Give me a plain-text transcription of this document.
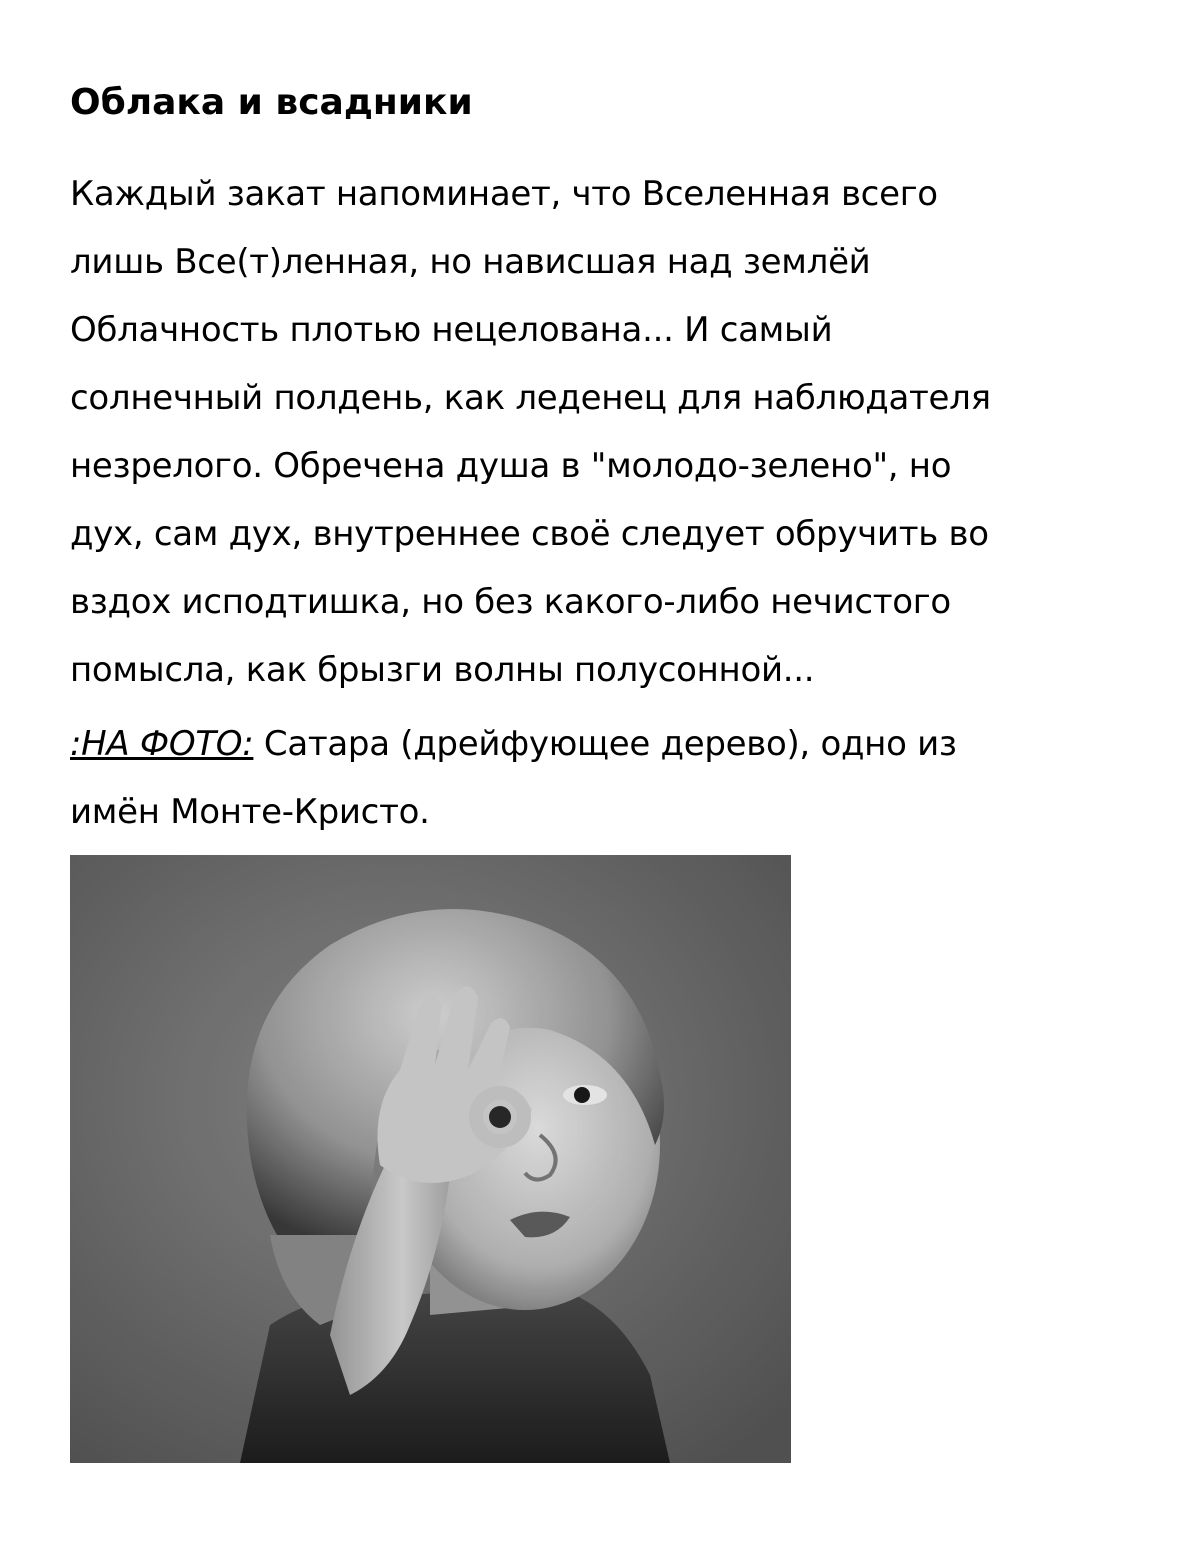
Облака и всадники

Каждый закат напоминает, что Вселенная всего
лишь Все(т)ленная, но нависшая над землёй
Облачность плотью нецелована... И самый
солнечный полдень, как леденец для наблюдателя
незрелого. Обречена душа в "молодо-зелено", но
дух, сам дух, внутреннее своё следует обручить во
вздох исподтишка, но без какого-либо нечистого
помысла, как брызги волны полусонной...

:НА ФОТО: Сатара (дрейфующее дерево), одно из
имён Монте-Кристо.
